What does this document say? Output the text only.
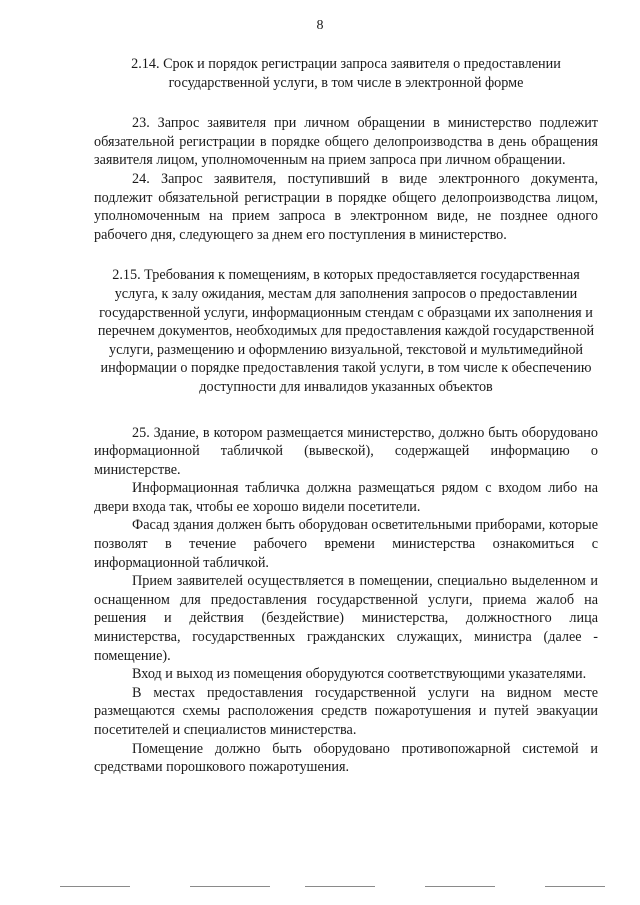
8

2.14. Срок и порядок регистрации запроса заявителя о предоставлении государственной услуги, в том числе в электронной форме

23. Запрос заявителя при личном обращении в министерство подлежит обязательной регистрации в порядке общего делопроизводства в день обращения заявителя лицом, уполномоченным на прием запроса при личном обращении.

24. Запрос заявителя, поступивший в виде электронного документа, подлежит обязательной регистрации в порядке общего делопроизводства лицом, уполномоченным на прием запроса в электронном виде, не позднее одного рабочего дня, следующего за днем его поступления в министерство.

2.15. Требования к помещениям, в которых предоставляется государственная услуга, к залу ожидания, местам для заполнения запросов о предоставлении государственной услуги, информационным стендам с образцами их заполнения и перечнем документов, необходимых для предоставления каждой государственной услуги, размещению и оформлению визуальной, текстовой и мультимедийной информации о порядке предоставления такой услуги, в том числе к обеспечению доступности для инвалидов указанных объектов

25. Здание, в котором размещается министерство, должно быть оборудовано информационной табличкой (вывеской), содержащей информацию о министерстве.

Информационная табличка должна размещаться рядом с входом либо на двери входа так, чтобы ее хорошо видели посетители.

Фасад здания должен быть оборудован осветительными приборами, которые позволят в течение рабочего времени министерства ознакомиться с информационной табличкой.

Прием заявителей осуществляется в помещении, специально выделенном и оснащенном для предоставления государственной услуги, приема жалоб на решения и действия (бездействие) министерства, должностного лица министерства, государственных гражданских служащих, министра (далее - помещение).

Вход и выход из помещения оборудуются соответствующими указателями.

В местах предоставления государственной услуги на видном месте размещаются схемы расположения средств пожаротушения и путей эвакуации посетителей и специалистов министерства.

Помещение должно быть оборудовано противопожарной системой и средствами порошкового пожаротушения.
